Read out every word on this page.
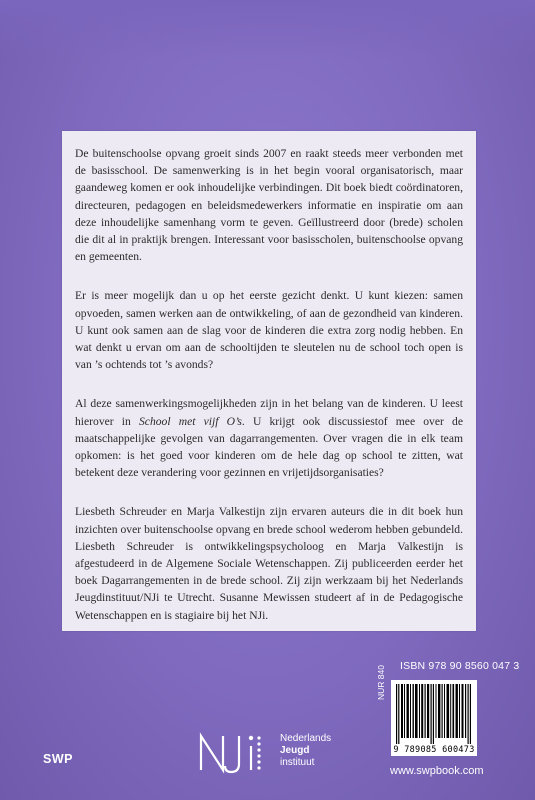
De buitenschoolse opvang groeit sinds 2007 en raakt steeds meer verbonden met de basisschool. De samenwerking is in het begin vooral organisatorisch, maar gaandeweg komen er ook inhoudelijke verbindingen. Dit boek biedt coördinatoren, directeuren, pedagogen en beleidsmedewerkers informatie en inspiratie om aan deze inhoudelijke samenhang vorm te geven. Geïllustreerd door (brede) scholen die dit al in praktijk brengen. Interessant voor basisscholen, buitenschoolse opvang en gemeenten.

Er is meer mogelijk dan u op het eerste gezicht denkt. U kunt kiezen: samen opvoeden, samen werken aan de ontwikkeling, of aan de gezondheid van kinderen. U kunt ook samen aan de slag voor de kinderen die extra zorg nodig hebben. En wat denkt u ervan om aan de schooltijden te sleutelen nu de school toch open is van ’s ochtends tot ’s avonds?

Al deze samenwerkingsmogelijkheden zijn in het belang van de kinderen. U leest hierover in School met vijf O’s. U krijgt ook discussiestof mee over de maatschappelijke gevolgen van dagarrangementen. Over vragen die in elk team opkomen: is het goed voor kinderen om de hele dag op school te zitten, wat betekent deze verandering voor gezinnen en vrijetijdsorganisaties?

Liesbeth Schreuder en Marja Valkestijn zijn ervaren auteurs die in dit boek hun inzichten over buitenschoolse opvang en brede school wederom hebben gebundeld. Liesbeth Schreuder is ontwikkelingspsycholoog en Marja Valkestijn is afgestudeerd in de Algemene Sociale Wetenschappen. Zij publiceerden eerder het boek Dagarrangementen in de brede school. Zij zijn werkzaam bij het Nederlands Jeugdinstituut/NJi te Utrecht. Susanne Mewissen studeert af in de Pedagogische Wetenschappen en is stagiaire bij het NJi.

ISBN 978 90 8560 047 3
NUR 840
9 789085 600473
www.swpbook.com
SWP
Nederlands
Jeugd
instituut
